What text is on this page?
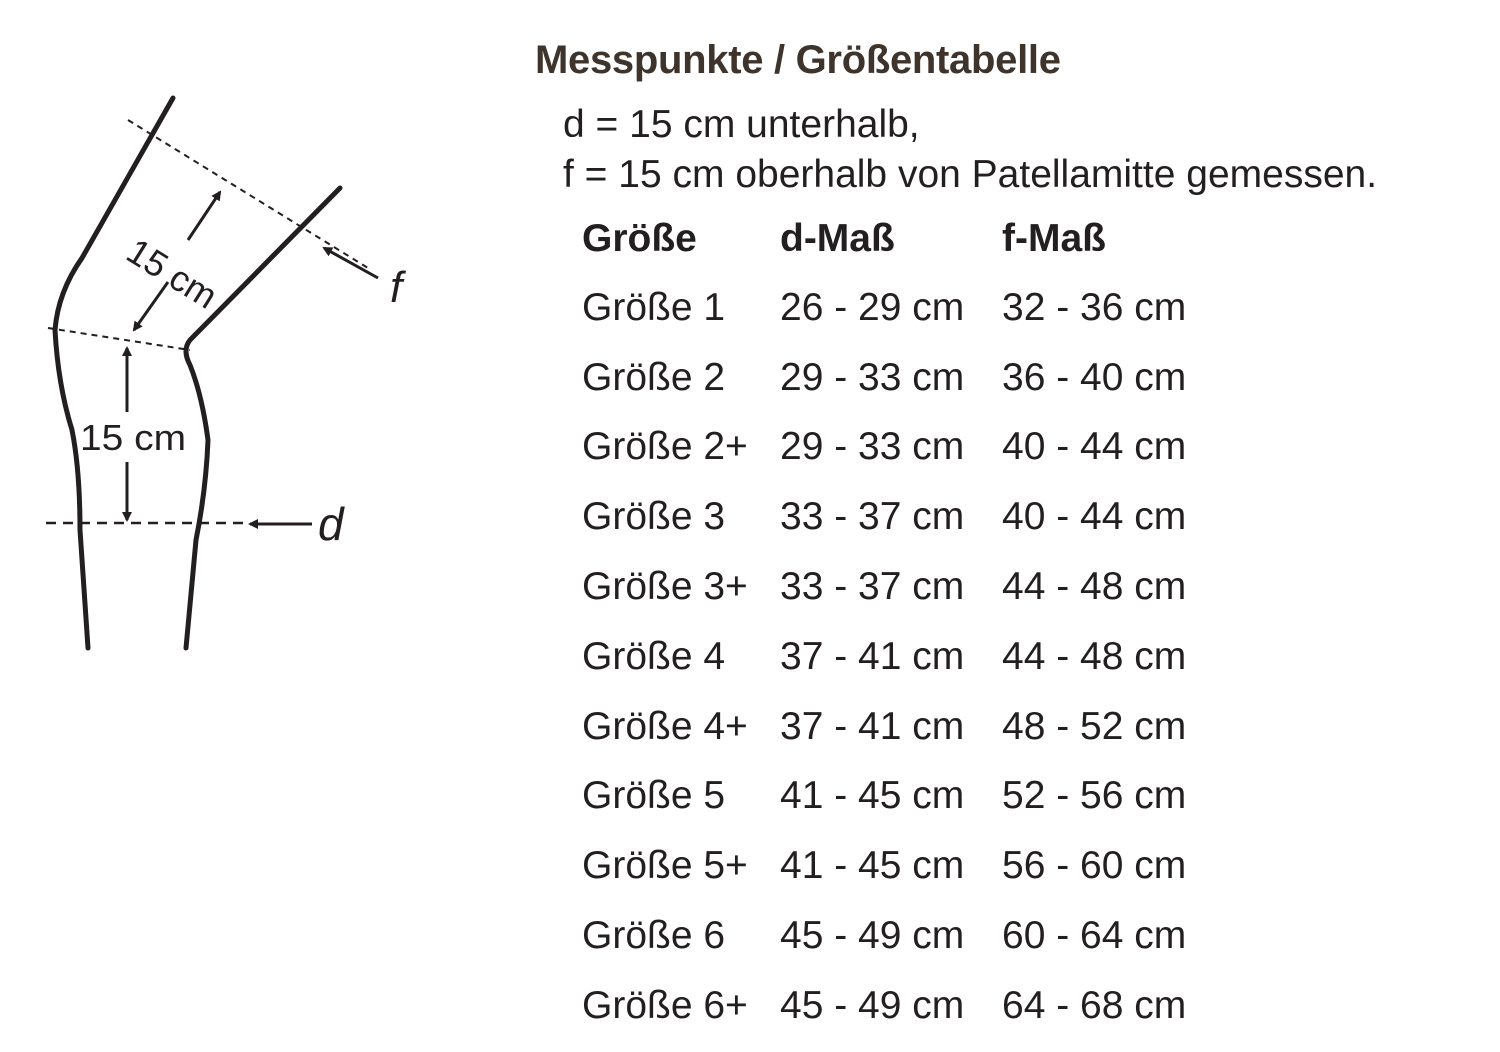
15 cm
15 cm
f
d
Messpunkte / Größentabelle
d = 15 cm unterhalb,
f = 15 cm oberhalb von Patellamitte gemessen.
Größe	d-Maß	f-Maß
Größe 1	26 - 29 cm	32 - 36 cm
Größe 2	29 - 33 cm	36 - 40 cm
Größe 2+	29 - 33 cm	40 - 44 cm
Größe 3	33 - 37 cm	40 - 44 cm
Größe 3+	33 - 37 cm	44 - 48 cm
Größe 4	37 - 41 cm	44 - 48 cm
Größe 4+	37 - 41 cm	48 - 52 cm
Größe 5	41 - 45 cm	52 - 56 cm
Größe 5+	41 - 45 cm	56 - 60 cm
Größe 6	45 - 49 cm	60 - 64 cm
Größe 6+	45 - 49 cm	64 - 68 cm
